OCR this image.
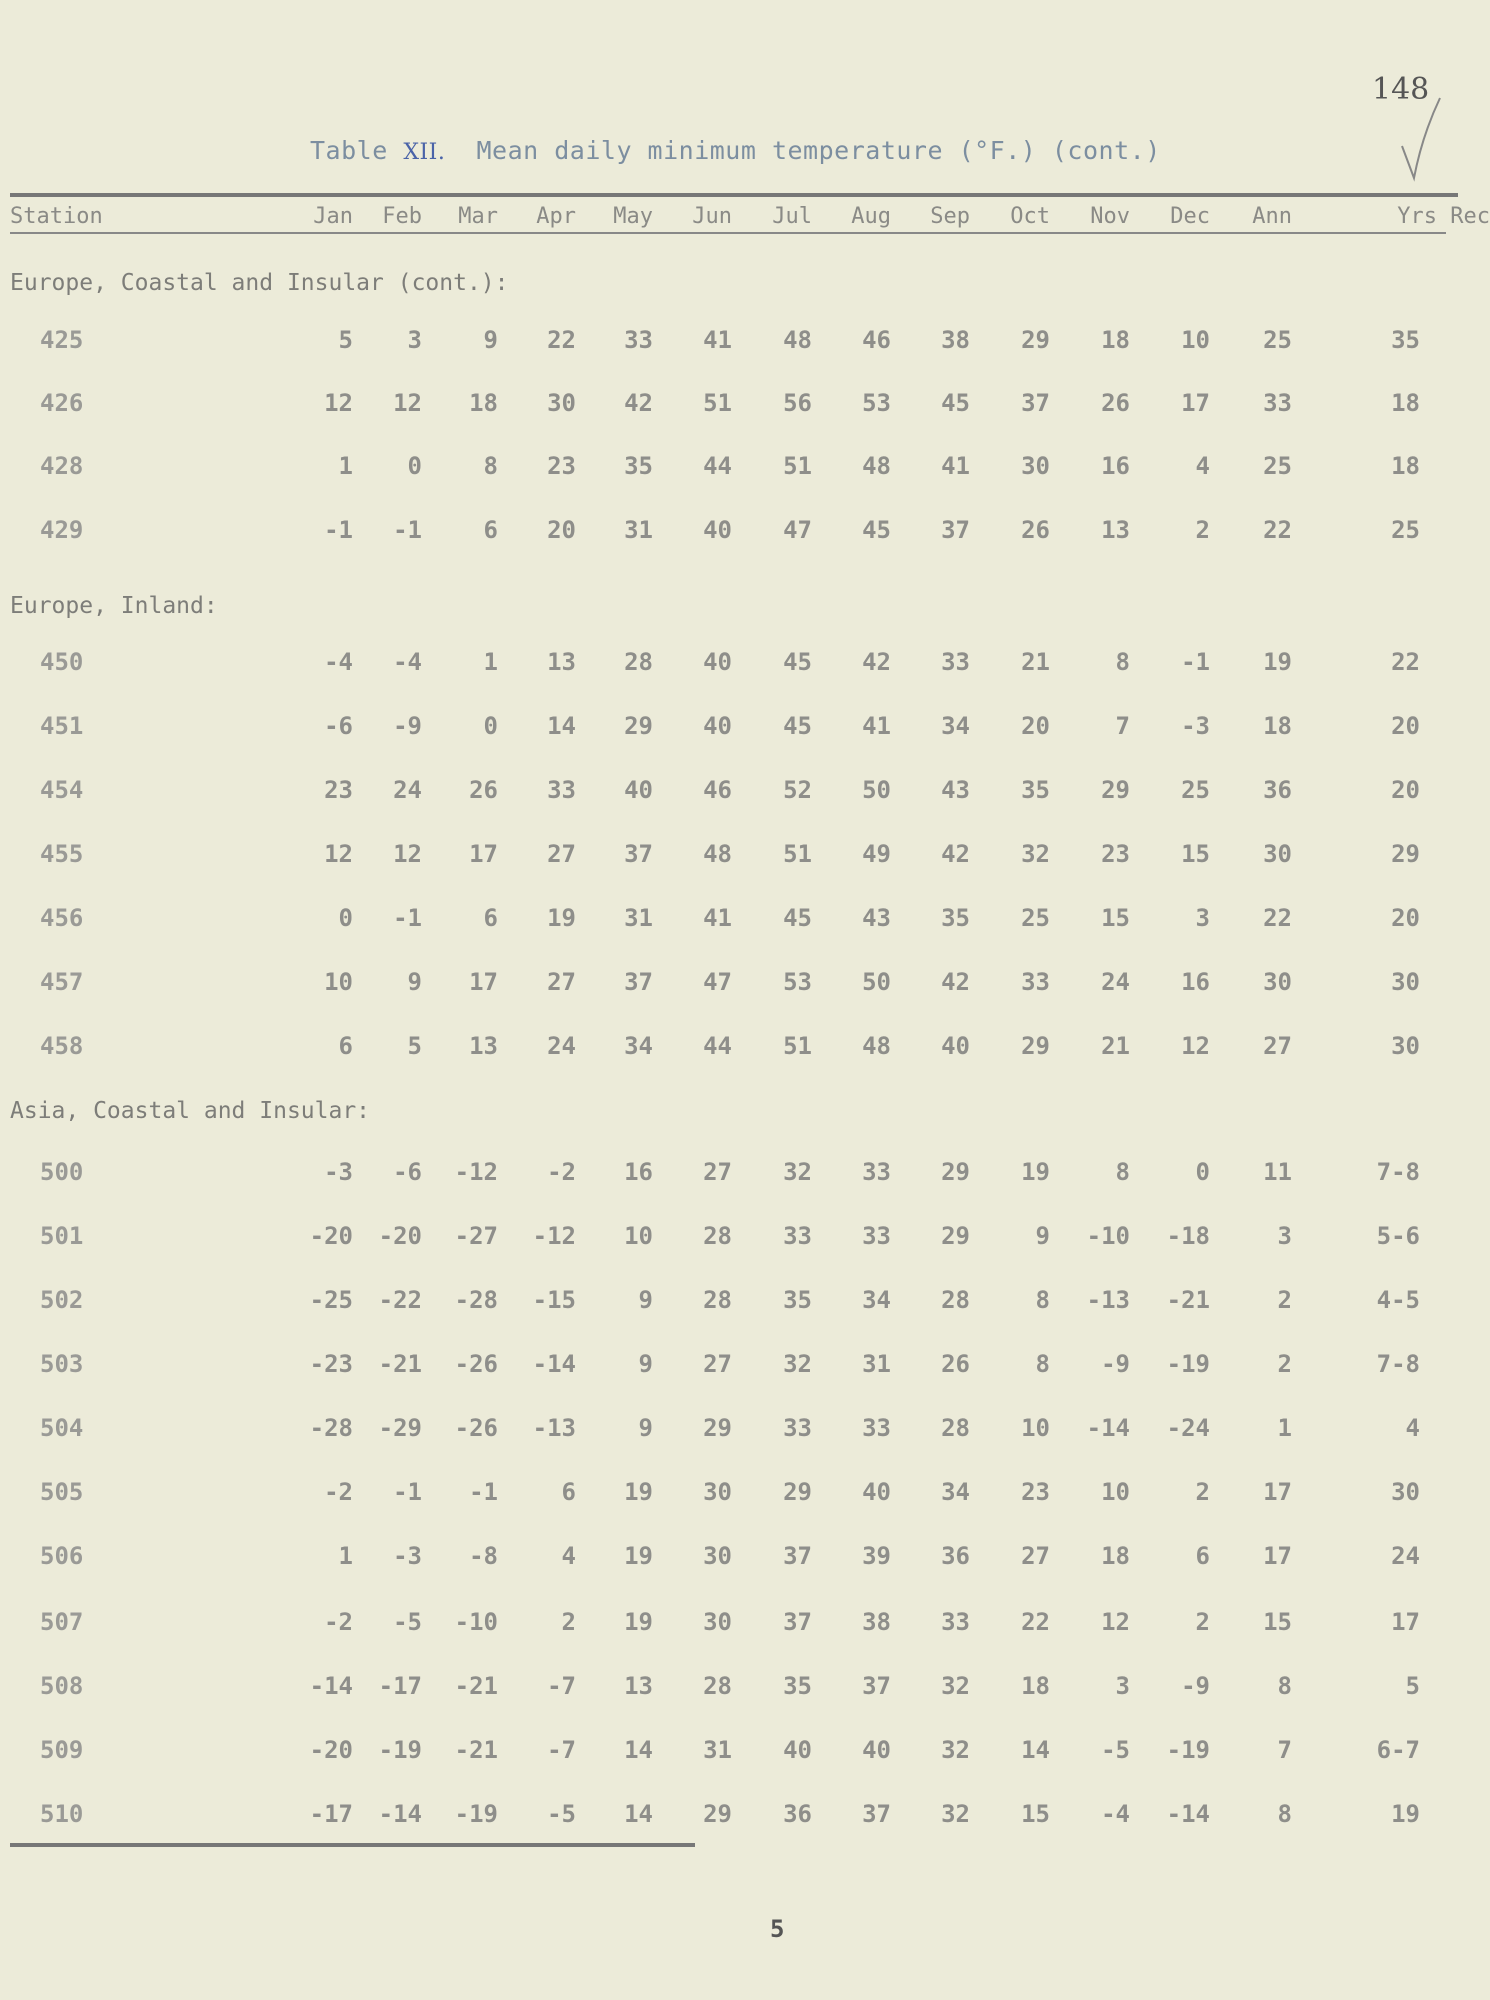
148
Table XII. Mean daily minimum temperature (°F.) (cont.)
Station	Jan	Feb	Mar	Apr	May	Jun	Jul	Aug	Sep	Oct	Nov	Dec	Ann	Yrs Rec
Europe, Coastal and Insular (cont.):
425	5	3	9	22	33	41	48	46	38	29	18	10	25	35
426	12	12	18	30	42	51	56	53	45	37	26	17	33	18
428	1	0	8	23	35	44	51	48	41	30	16	4	25	18
429	-1	-1	6	20	31	40	47	45	37	26	13	2	22	25
Europe, Inland:
450	-4	-4	1	13	28	40	45	42	33	21	8	-1	19	22
451	-6	-9	0	14	29	40	45	41	34	20	7	-3	18	20
454	23	24	26	33	40	46	52	50	43	35	29	25	36	20
455	12	12	17	27	37	48	51	49	42	32	23	15	30	29
456	0	-1	6	19	31	41	45	43	35	25	15	3	22	20
457	10	9	17	27	37	47	53	50	42	33	24	16	30	30
458	6	5	13	24	34	44	51	48	40	29	21	12	27	30
Asia, Coastal and Insular:
500	-3	-6	-12	-2	16	27	32	33	29	19	8	0	11	7-8
501	-20	-20	-27	-12	10	28	33	33	29	9	-10	-18	3	5-6
502	-25	-22	-28	-15	9	28	35	34	28	8	-13	-21	2	4-5
503	-23	-21	-26	-14	9	27	32	31	26	8	-9	-19	2	7-8
504	-28	-29	-26	-13	9	29	33	33	28	10	-14	-24	1	4
505	-2	-1	-1	6	19	30	29	40	34	23	10	2	17	30
506	1	-3	-8	4	19	30	37	39	36	27	18	6	17	24
507	-2	-5	-10	2	19	30	37	38	33	22	12	2	15	17
508	-14	-17	-21	-7	13	28	35	37	32	18	3	-9	8	5
509	-20	-19	-21	-7	14	31	40	40	32	14	-5	-19	7	6-7
510	-17	-14	-19	-5	14	29	36	37	32	15	-4	-14	8	19
5
